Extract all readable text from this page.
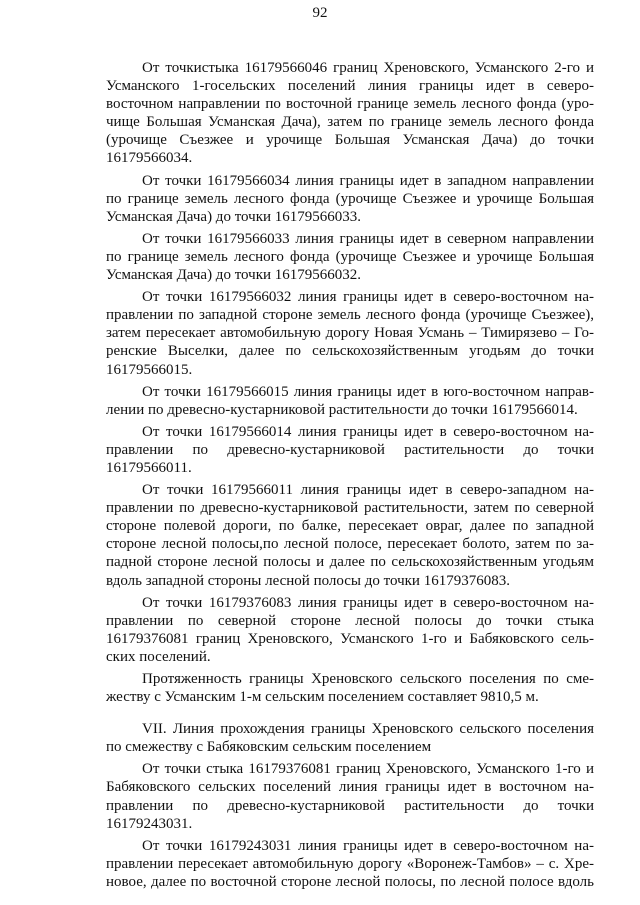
92
От точкистыка 16179566046 границ Хреновского, Усманского 2-го и
Усманского 1-госельских поселений линия границы идет в северо-
восточном направлении по восточной границе земель лесного фонда (уро-
чище Большая Усманская Дача), затем по границе земель лесного фонда
(урочище Съезжее и урочище Большая Усманская Дача) до точки
16179566034.
От точки 16179566034 линия границы идет в западном направлении
по границе земель лесного фонда (урочище Съезжее и урочище Большая
Усманская Дача) до точки 16179566033.
От точки 16179566033 линия границы идет в северном направлении
по границе земель лесного фонда (урочище Съезжее и урочище Большая
Усманская Дача) до точки 16179566032.
От точки 16179566032 линия границы идет в северо-восточном на-
правлении по западной стороне земель лесного фонда (урочище Съезжее),
затем пересекает автомобильную дорогу Новая Усмань – Тимирязево – Го-
ренские Выселки, далее по сельскохозяйственным угодьям до точки
16179566015.
От точки 16179566015 линия границы идет в юго-восточном направ-
лении по древесно-кустарниковой растительности до точки 16179566014.
От точки 16179566014 линия границы идет в северо-восточном на-
правлении по древесно-кустарниковой растительности до точки
16179566011.
От точки 16179566011 линия границы идет в северо-западном на-
правлении по древесно-кустарниковой растительности, затем по северной
стороне полевой дороги, по балке, пересекает овраг, далее по западной
стороне лесной полосы,по лесной полосе, пересекает болото, затем по за-
падной стороне лесной полосы и далее по сельскохозяйственным угодьям
вдоль западной стороны лесной полосы до точки 16179376083.
От точки 16179376083 линия границы идет в северо-восточном на-
правлении по северной стороне лесной полосы до точки стыка
16179376081 границ Хреновского, Усманского 1-го и Бабяковского сель-
ских поселений.
Протяженность границы Хреновского сельского поселения по сме-
жеству с Усманским 1-м сельским поселением составляет 9810,5 м.
VII. Линия прохождения границы Хреновского сельского поселения
по смежеству с Бабяковским сельским поселением
От точки стыка 16179376081 границ Хреновского, Усманского 1-го и
Бабяковского сельских поселений линия границы идет в восточном на-
правлении по древесно-кустарниковой растительности до точки
16179243031.
От точки 16179243031 линия границы идет в северо-восточном на-
правлении пересекает автомобильную дорогу «Воронеж-Тамбов» – с. Хре-
новое, далее по восточной стороне лесной полосы, по лесной полосе вдоль
